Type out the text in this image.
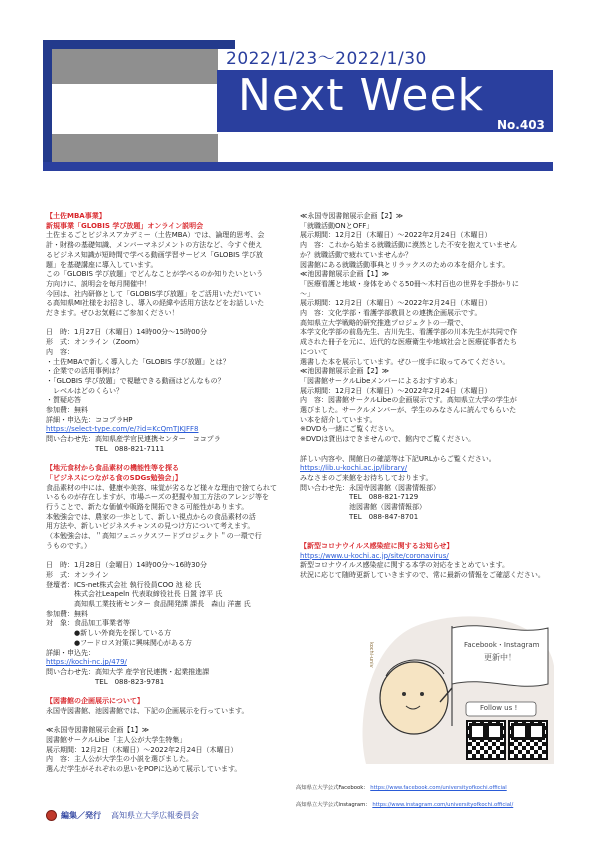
2022/1/23～2022/1/30
Next Week
No.403
【土佐MBA事業】
新規事業「GLOBIS 学び放題」オンライン説明会
土佐まるごとビジネスアカデミー（土佐MBA）では、論理的思考、会
計・財務の基礎知識、メンバーマネジメントの方法など、今すぐ使え
るビジネス知識が短時間で学べる動画学習サービス「GLOBIS 学び放
題」を基礎講座に導入しています。
この「GLOBIS 学び放題」でどんなことが学べるのか知りたいという
方向けに、説明会を毎月開催中！
今回は、社内研修として「GLOBIS学び放題」をご活用いただいてい
る高知県MI社様をお招きし、導入の経緯や活用方法などをお話しいた
だきます。ぜひお気軽にご参加ください！
日　時：1月27日（木曜日）14時00分～15時00分
形　式：オンライン（Zoom）
内　容：
・土佐MBAで新しく導入した「GLOBIS 学び放題」とは？
・企業での活用事例は？
・「GLOBIS 学び放題」で視聴できる動画はどんなもの？
　レベルはどのくらい？
・質疑応答
参加費：無料
詳細・申込先：ココプラHP
https://select-type.com/e/?id=KcQmTJKJFF8
問い合わせ先：高知県産学官民連携センター　ココプラ
　　　　　　　TEL　088-821-7111
【地元食材から食品素材の機能性等を探る
「ビジネスにつながる食のSDGs勉強会」】
食品素材の中には、健康や美容、味覚が劣るなど様々な理由で捨てられて
いるものが存在しますが、市場ニーズの把握や加工方法のアレンジ等を
行うことで、新たな価値や販路を開拓できる可能性があります。
本勉強会では、農家の一歩として、新しい視点からの食品素材の活
用方法や、新しいビジネスチャンスの見つけ方について考えます。
（本勉強会は、＂高知フェニックスフードプロジェクト＂の一環で行
うものです。）
日　時：1月28日（金曜日）14時00分～16時30分
形　式：オンライン
登壇者：ICS-net株式会社 執行役員COO 池 稔 氏
　　　　株式会社Leapeln 代表取締役社長 日置 淳平 氏
　　　　高知県工業技術センター 食品開発課 課長　森山 洋憲 氏
参加費：無料
対　象：食品加工事業者等
　　　　●新しい外商先を探している方
　　　　●フードロス対策に興味関心がある方
詳細・申込先：
https://kochi-nc.jp/479/
問い合わせ先：高知大学 産学官民連携・起業推進課
　　　　　　　TEL　088-823-9781
【図書館の企画展示について】
永国寺図書館、池図書館では、下記の企画展示を行っています。
≪永国寺図書館展示企画【1】≫
図書館サークルLibe「主人公が大学生特集」
展示期間：12月2日（木曜日）～2022年2月24日（木曜日）
内　容：主人公が大学生の小説を選びました。
選んだ学生がそれぞれの思いをPOPに込めて展示しています。
≪永国寺図書館展示企画【2】≫
「就職活動ONとOFF」
展示期間：12月2日（木曜日）～2022年2月24日（木曜日）
内　容：これから始まる就職活動に漠然とした不安を抱えていません
か？就職活動で疲れていませんか？
図書館にある就職活動事典とリラックスのための本を紹介します。
≪池図書館展示企画【1】≫
「医療看護と地域・身体をめぐる50冊～木村百也の世界を手掛かりに
～」
展示期間：12月2日（木曜日）～2022年2月24日（木曜日）
内　容：文化学部・看護学部教員との連携企画展示です。
高知県立大学戦略的研究推進プロジェクトの一環で、
本学文化学部の前島先生、吉川先生、看護学部の川本先生が共同で作
成された冊子を元に、近代的な医療衛生や地域社会と医療従事者たち
について
選書した本を展示しています。ぜひ一度手に取ってみてください。
≪池図書館展示企画【2】≫
「図書館サークルLibeメンバーによるおすすめ本」
展示期間：12月2日（木曜日）～2022年2月24日（木曜日）
内　容：図書館サークルLibeの企画展示です。高知県立大学の学生が
選びました。サークルメンバーが、学生のみなさんに読んでもらいた
い本を紹介しています。
※DVDも一緒にご覧ください。
※DVDは貸出はできませんので、館内でご覧ください。
詳しい内容や、開館日の確認等は下記URLからご覧ください。
https://lib.u-kochi.ac.jp/library/
みなさまのご来館をお待ちしております。
問い合わせ先：永国寺図書館（図書情報部）
　　　　　　　TEL　088-821-7129
　　　　　　　池図書館（図書情報部）
　　　　　　　TEL　088-847-8701
【新型コロナウイルス感染症に関するお知らせ】
https://www.u-kochi.ac.jp/site/coronavirus/
新型コロナウイルス感染症に関する本学の対応をまとめています。
状況に応じて随時更新していきますので、常に最新の情報をご確認ください。
kochi-univ	Facebook・Instagram
更新中！
Follow us !
高知県立大学公式Facebook： https://www.facebook.com/universityofkochi.official
高知県立大学公式Instagram： https://www.instagram.com/universityofkochi.official/
編集／発行 高知県立大学広報委員会
